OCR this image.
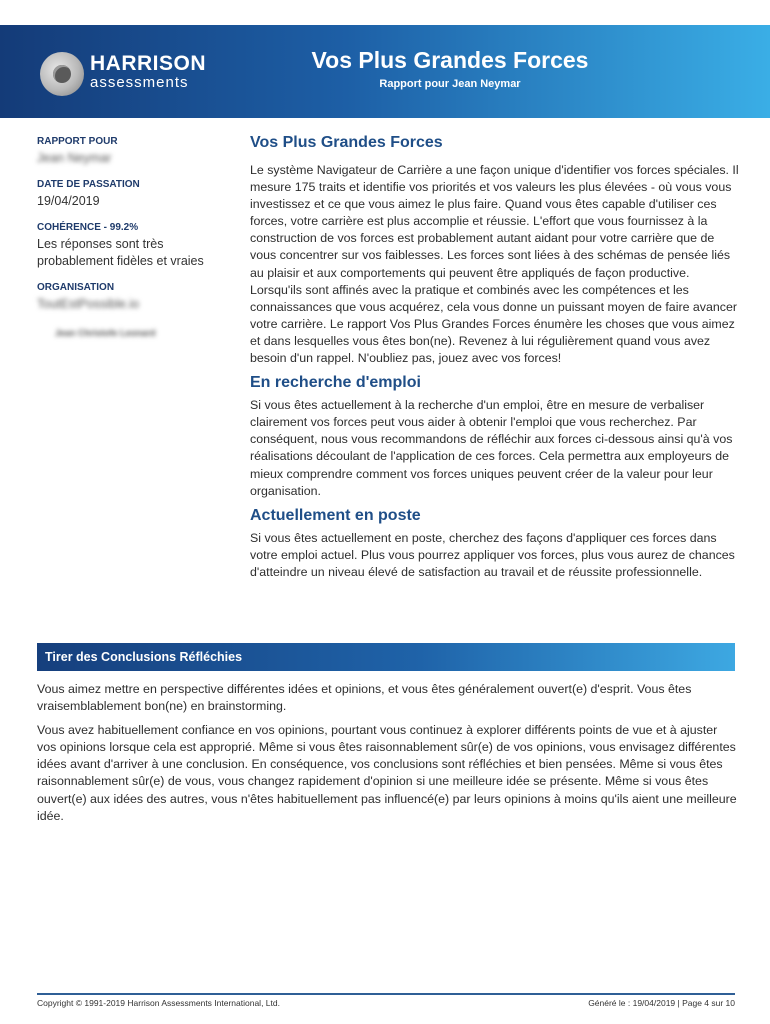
HARRISON
assessments
Vos Plus Grandes Forces
Rapport pour Jean Neymar
RAPPORT POUR
Jean Neymar
DATE DE PASSATION
19/04/2019
COHÉRENCE - 99.2%
Les réponses sont très probablement fidèles et vraies
ORGANISATION
ToutEstPossible.io
Jean Christofe Leonard
Vos Plus Grandes Forces

Le système Navigateur de Carrière a une façon unique d'identifier vos forces spéciales. Il mesure 175 traits et identifie vos priorités et vos valeurs les plus élevées - où vous vous investissez et ce que vous aimez le plus faire. Quand vous êtes capable d'utiliser ces forces, votre carrière est plus accomplie et réussie. L'effort que vous fournissez à la construction de vos forces est probablement autant aidant pour votre carrière que de vous concentrer sur vos faiblesses. Les forces sont liées à des schémas de pensée liés au plaisir et aux comportements qui peuvent être appliqués de façon productive. Lorsqu'ils sont affinés avec la pratique et combinés avec les compétences et les connaissances que vous acquérez, cela vous donne un puissant moyen de faire avancer votre carrière. Le rapport Vos Plus Grandes Forces énumère les choses que vous aimez et dans lesquelles vous êtes bon(ne). Revenez à lui régulièrement quand vous avez besoin d'un rappel. N'oubliez pas, jouez avec vos forces!

En recherche d'emploi

Si vous êtes actuellement à la recherche d'un emploi, être en mesure de verbaliser clairement vos forces peut vous aider à obtenir l'emploi que vous recherchez. Par conséquent, nous vous recommandons de réfléchir aux forces ci-dessous ainsi qu'à vos réalisations découlant de l'application de ces forces. Cela permettra aux employeurs de mieux comprendre comment vos forces uniques peuvent créer de la valeur pour leur organisation.

Actuellement en poste

Si vous êtes actuellement en poste, cherchez des façons d'appliquer ces forces dans votre emploi actuel. Plus vous pourrez appliquer vos forces, plus vous aurez de chances d'atteindre un niveau élevé de satisfaction au travail et de réussite professionnelle.

Tirer des Conclusions Réfléchies

Vous aimez mettre en perspective différentes idées et opinions, et vous êtes généralement ouvert(e) d'esprit. Vous êtes vraisemblablement bon(ne) en brainstorming.

Vous avez habituellement confiance en vos opinions, pourtant vous continuez à explorer différents points de vue et à ajuster vos opinions lorsque cela est approprié. Même si vous êtes raisonnablement sûr(e) de vos opinions, vous envisagez différentes idées avant d'arriver à une conclusion. En conséquence, vos conclusions sont réfléchies et bien pensées. Même si vous êtes raisonnablement sûr(e) de vous, vous changez rapidement d'opinion si une meilleure idée se présente. Même si vous êtes ouvert(e) aux idées des autres, vous n'êtes habituellement pas influencé(e) par leurs opinions à moins qu'ils aient une meilleure idée.

Copyright © 1991-2019 Harrison Assessments International, Ltd.	Généré le : 19/04/2019 | Page 4 sur 10
